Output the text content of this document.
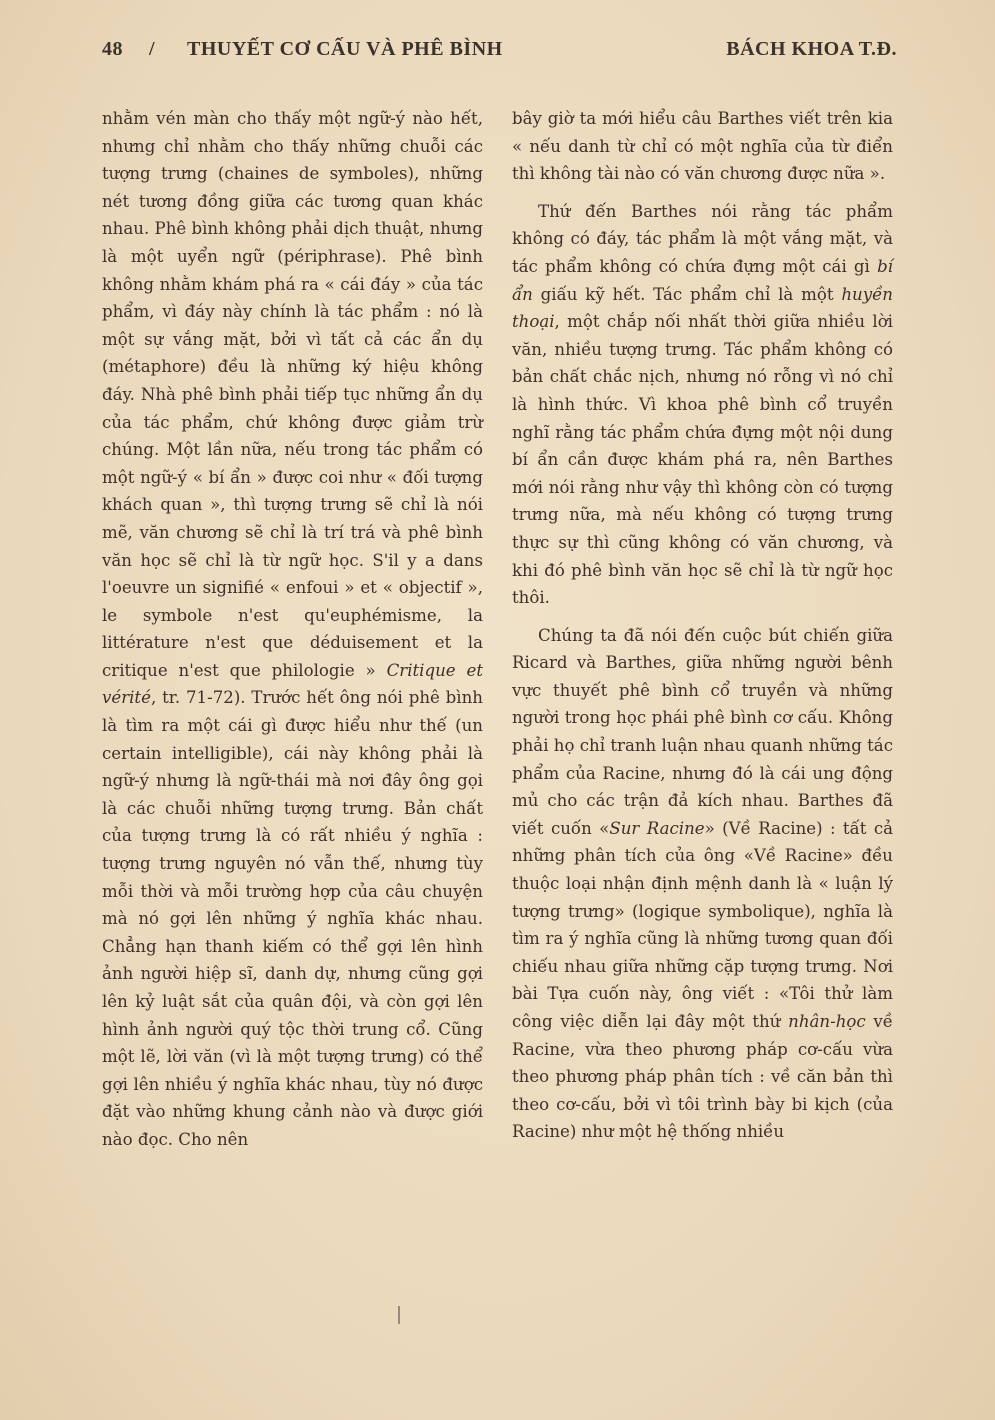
48 / THUYẾT CƠ CẤU VÀ PHÊ BÌNH	BÁCH KHOA T.Đ.

nhằm vén màn cho thấy một ngữ-ý nào hết, nhưng chỉ nhằm cho thấy những chuỗi các tượng trưng (chaines de symboles), những nét tương đồng giữa các tương quan khác nhau. Phê bình không phải dịch thuật, nhưng là một uyển ngữ (périphrase). Phê bình không nhằm khám phá ra « cái đáy » của tác phẩm, vì đáy này chính là tác phẩm : nó là một sự vắng mặt, bởi vì tất cả các ẩn dụ (métaphore) đều là những ký hiệu không đáy. Nhà phê bình phải tiếp tục những ẩn dụ của tác phẩm, chứ không được giảm trừ chúng. Một lần nữa, nếu trong tác phẩm có một ngữ-ý « bí ẩn » được coi như « đối tượng khách quan », thì tượng trưng sẽ chỉ là nói mẽ, văn chương sẽ chỉ là trí trá và phê bình văn học sẽ chỉ là từ ngữ học. S'il y a dans l'oeuvre un signifié « enfoui » et « objectif », le symbole n'est qu'euphémisme, la littérature n'est que déduisement et la critique n'est que philologie » Critique et vérité, tr. 71-72). Trước hết ông nói phê bình là tìm ra một cái gì được hiểu như thế (un certain intelligible), cái này không phải là ngữ-ý nhưng là ngữ-thái mà nơi đây ông gọi là các chuỗi những tượng trưng. Bản chất của tượng trưng là có rất nhiều ý nghĩa : tượng trưng nguyên nó vẫn thế, nhưng tùy mỗi thời và mỗi trường hợp của câu chuyện mà nó gợi lên những ý nghĩa khác nhau. Chẳng hạn thanh kiếm có thể gợi lên hình ảnh người hiệp sĩ, danh dự, nhưng cũng gợi lên kỷ luật sắt của quân đội, và còn gợi lên hình ảnh người quý tộc thời trung cổ. Cũng một lẽ, lời văn (vì là một tượng trưng) có thể gợi lên nhiều ý nghĩa khác nhau, tùy nó được đặt vào những khung cảnh nào và được giới nào đọc. Cho nên

bây giờ ta mới hiểu câu Barthes viết trên kia « nếu danh từ chỉ có một nghĩa của từ điển thì không tài nào có văn chương được nữa ».

Thứ đến Barthes nói rằng tác phẩm không có đáy, tác phẩm là một vắng mặt, và tác phẩm không có chứa đựng một cái gì bí ẩn giấu kỹ hết. Tác phẩm chỉ là một huyền thoại, một chắp nối nhất thời giữa nhiều lời văn, nhiều tượng trưng. Tác phẩm không có bản chất chắc nịch, nhưng nó rỗng vì nó chỉ là hình thức. Vì khoa phê bình cổ truyền nghĩ rằng tác phẩm chứa đựng một nội dung bí ẩn cần được khám phá ra, nên Barthes mới nói rằng như vậy thì không còn có tượng trưng nữa, mà nếu không có tượng trưng thực sự thì cũng không có văn chương, và khi đó phê bình văn học sẽ chỉ là từ ngữ học thôi.

Chúng ta đã nói đến cuộc bút chiến giữa Ricard và Barthes, giữa những người bênh vực thuyết phê bình cổ truyền và những người trong học phái phê bình cơ cấu. Không phải họ chỉ tranh luận nhau quanh những tác phẩm của Racine, nhưng đó là cái ung động mủ cho các trận đả kích nhau. Barthes đã viết cuốn «Sur Racine» (Về Racine) : tất cả những phân tích của ông «Về Racine» đều thuộc loại nhận định mệnh danh là « luận lý tượng trưng» (logique symbolique), nghĩa là tìm ra ý nghĩa cũng là những tương quan đối chiếu nhau giữa những cặp tượng trưng. Nơi bài Tựa cuốn này, ông viết : «Tôi thử làm công việc diễn lại đây một thứ nhân-học về Racine, vừa theo phương pháp cơ-cấu vừa theo phương pháp phân tích : về căn bản thì theo cơ-cấu, bởi vì tôi trình bày bi kịch (của Racine) như một hệ thống nhiều
